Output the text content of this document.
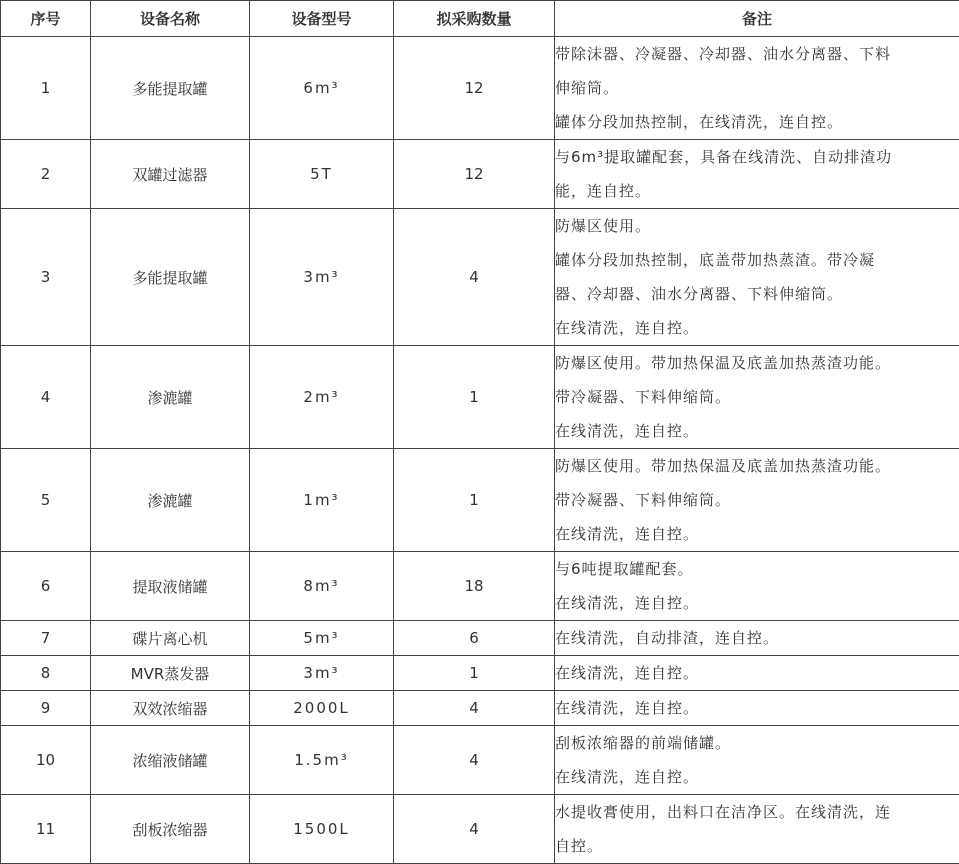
序号	设备名称	设备型号	拟采购数量	备注
1	多能提取罐	6m³	12	带除沫器、冷凝器、冷却器、油水分离器、下料
伸缩筒。
罐体分段加热控制，在线清洗，连自控。

2	双罐过滤器	5T	12	与6m³提取罐配套，具备在线清洗、自动排渣功
能，连自控。

3	多能提取罐	3m³	4	防爆区使用。
罐体分段加热控制，底盖带加热蒸渣。带冷凝
器、冷却器、油水分离器、下料伸缩筒。
在线清洗，连自控。

4	渗漉罐	2m³	1	防爆区使用。带加热保温及底盖加热蒸渣功能。
带冷凝器、下料伸缩筒。
在线清洗，连自控。

5	渗漉罐	1m³	1	防爆区使用。带加热保温及底盖加热蒸渣功能。
带冷凝器、下料伸缩筒。
在线清洗，连自控。

6	提取液储罐	8m³	18	与6吨提取罐配套。
在线清洗，连自控。

7	碟片离心机	5m³	6	在线清洗，自动排渣，连自控。

8	MVR蒸发器	3m³	1	在线清洗，连自控。

9	双效浓缩器	2000L	4	在线清洗，连自控。

10	浓缩液储罐	1.5m³	4	刮板浓缩器的前端储罐。
在线清洗，连自控。

11	刮板浓缩器	1500L	4	水提收膏使用，出料口在洁净区。在线清洗，连
自控。
